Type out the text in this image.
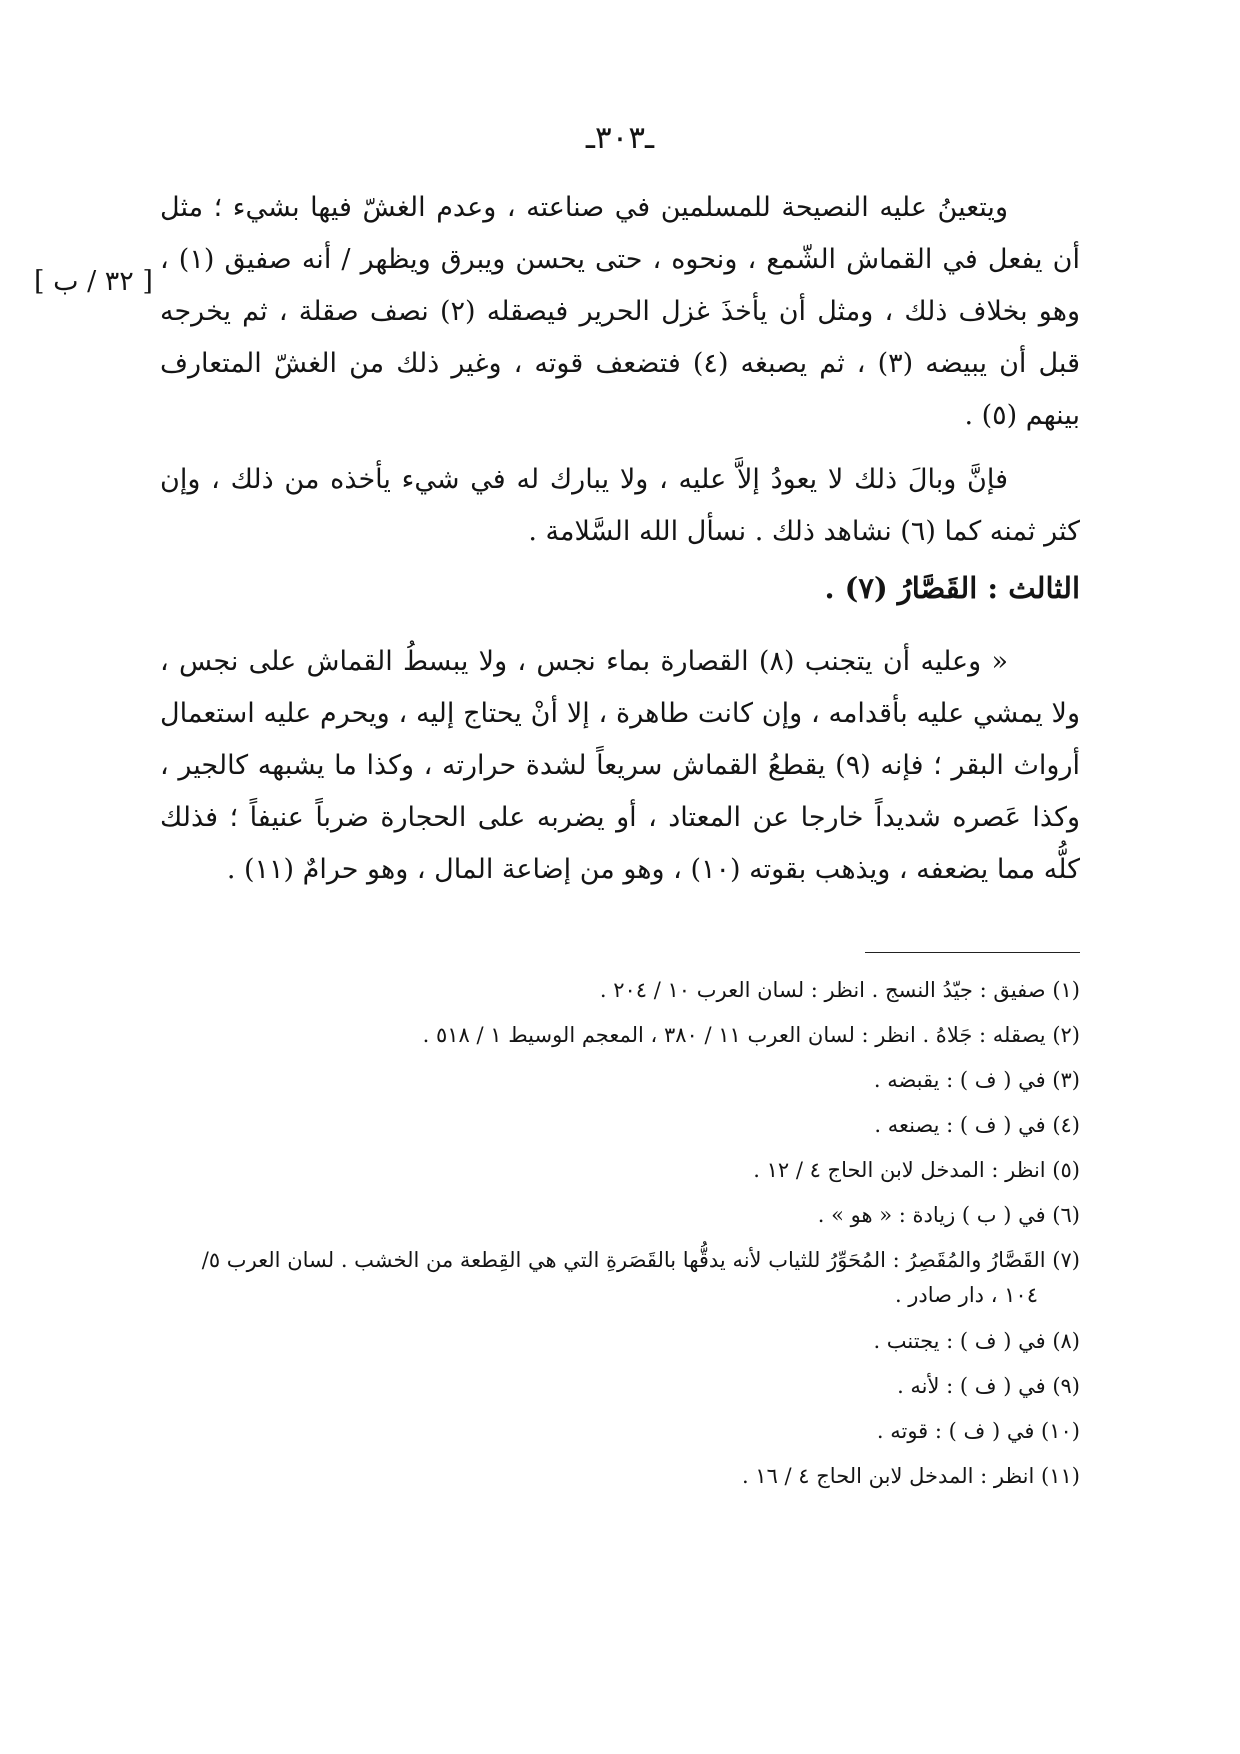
ـ٣٠٣ـ
[ ٣٢ / ب ]

ويتعينُ عليه النصيحة للمسلمين في صناعته ، وعدم الغشّ فيها بشيء ؛ مثل أن يفعل في القماش الشّمع ، ونحوه ، حتى يحسن ويبرق ويظهر / أنه صفيق (١) ، وهو بخلاف ذلك ، ومثل أن يأخذَ غزل الحرير فيصقله (٢) نصف صقلة ، ثم يخرجه قبل أن يبيضه (٣) ، ثم يصبغه (٤) فتضعف قوته ، وغير ذلك من الغشّ المتعارف بينهم (٥) .

فإنَّ وبالَ ذلك لا يعودُ إلاَّ عليه ، ولا يبارك له في شيء يأخذه من ذلك ، وإن كثر ثمنه كما (٦) نشاهد ذلك . نسأل الله السَّلامة .

الثالث : القَصَّارُ (٧) .

« وعليه أن يتجنب (٨) القصارة بماء نجس ، ولا يبسطُ القماش على نجس ، ولا يمشي عليه بأقدامه ، وإن كانت طاهرة ، إلا أنْ يحتاج إليه ، ويحرم عليه استعمال أرواث البقر ؛ فإنه (٩) يقطعُ القماش سريعاً لشدة حرارته ، وكذا ما يشبهه كالجير ، وكذا عَصره شديداً خارجا عن المعتاد ، أو يضربه على الحجارة ضرباً عنيفاً ؛ فذلك كلُّه مما يضعفه ، ويذهب بقوته (١٠) ، وهو من إضاعة المال ، وهو حرامٌ (١١) .

(١) صفيق : جيّدُ النسج . انظر : لسان العرب ١٠ / ٢٠٤ .

(٢) يصقله : جَلاهُ . انظر : لسان العرب ١١ / ٣٨٠ ، المعجم الوسيط ١ / ٥١٨ .

(٣) في ( ف ) : يقبضه .

(٤) في ( ف ) : يصنعه .

(٥) انظر : المدخل لابن الحاج ٤ / ١٢ .

(٦) في ( ب ) زيادة : « هو » .

(٧) القَصَّارُ والمُقَصِرُ : المُحَوِّرُ للثياب لأنه يدقُّها بالقَصَرةِ التي هي القِطعة من الخشب . لسان العرب ٥/

١٠٤ ، دار صادر .

(٨) في ( ف ) : يجتنب .

(٩) في ( ف ) : لأنه .

(١٠) في ( ف ) : قوته .

(١١) انظر : المدخل لابن الحاج ٤ / ١٦ .
